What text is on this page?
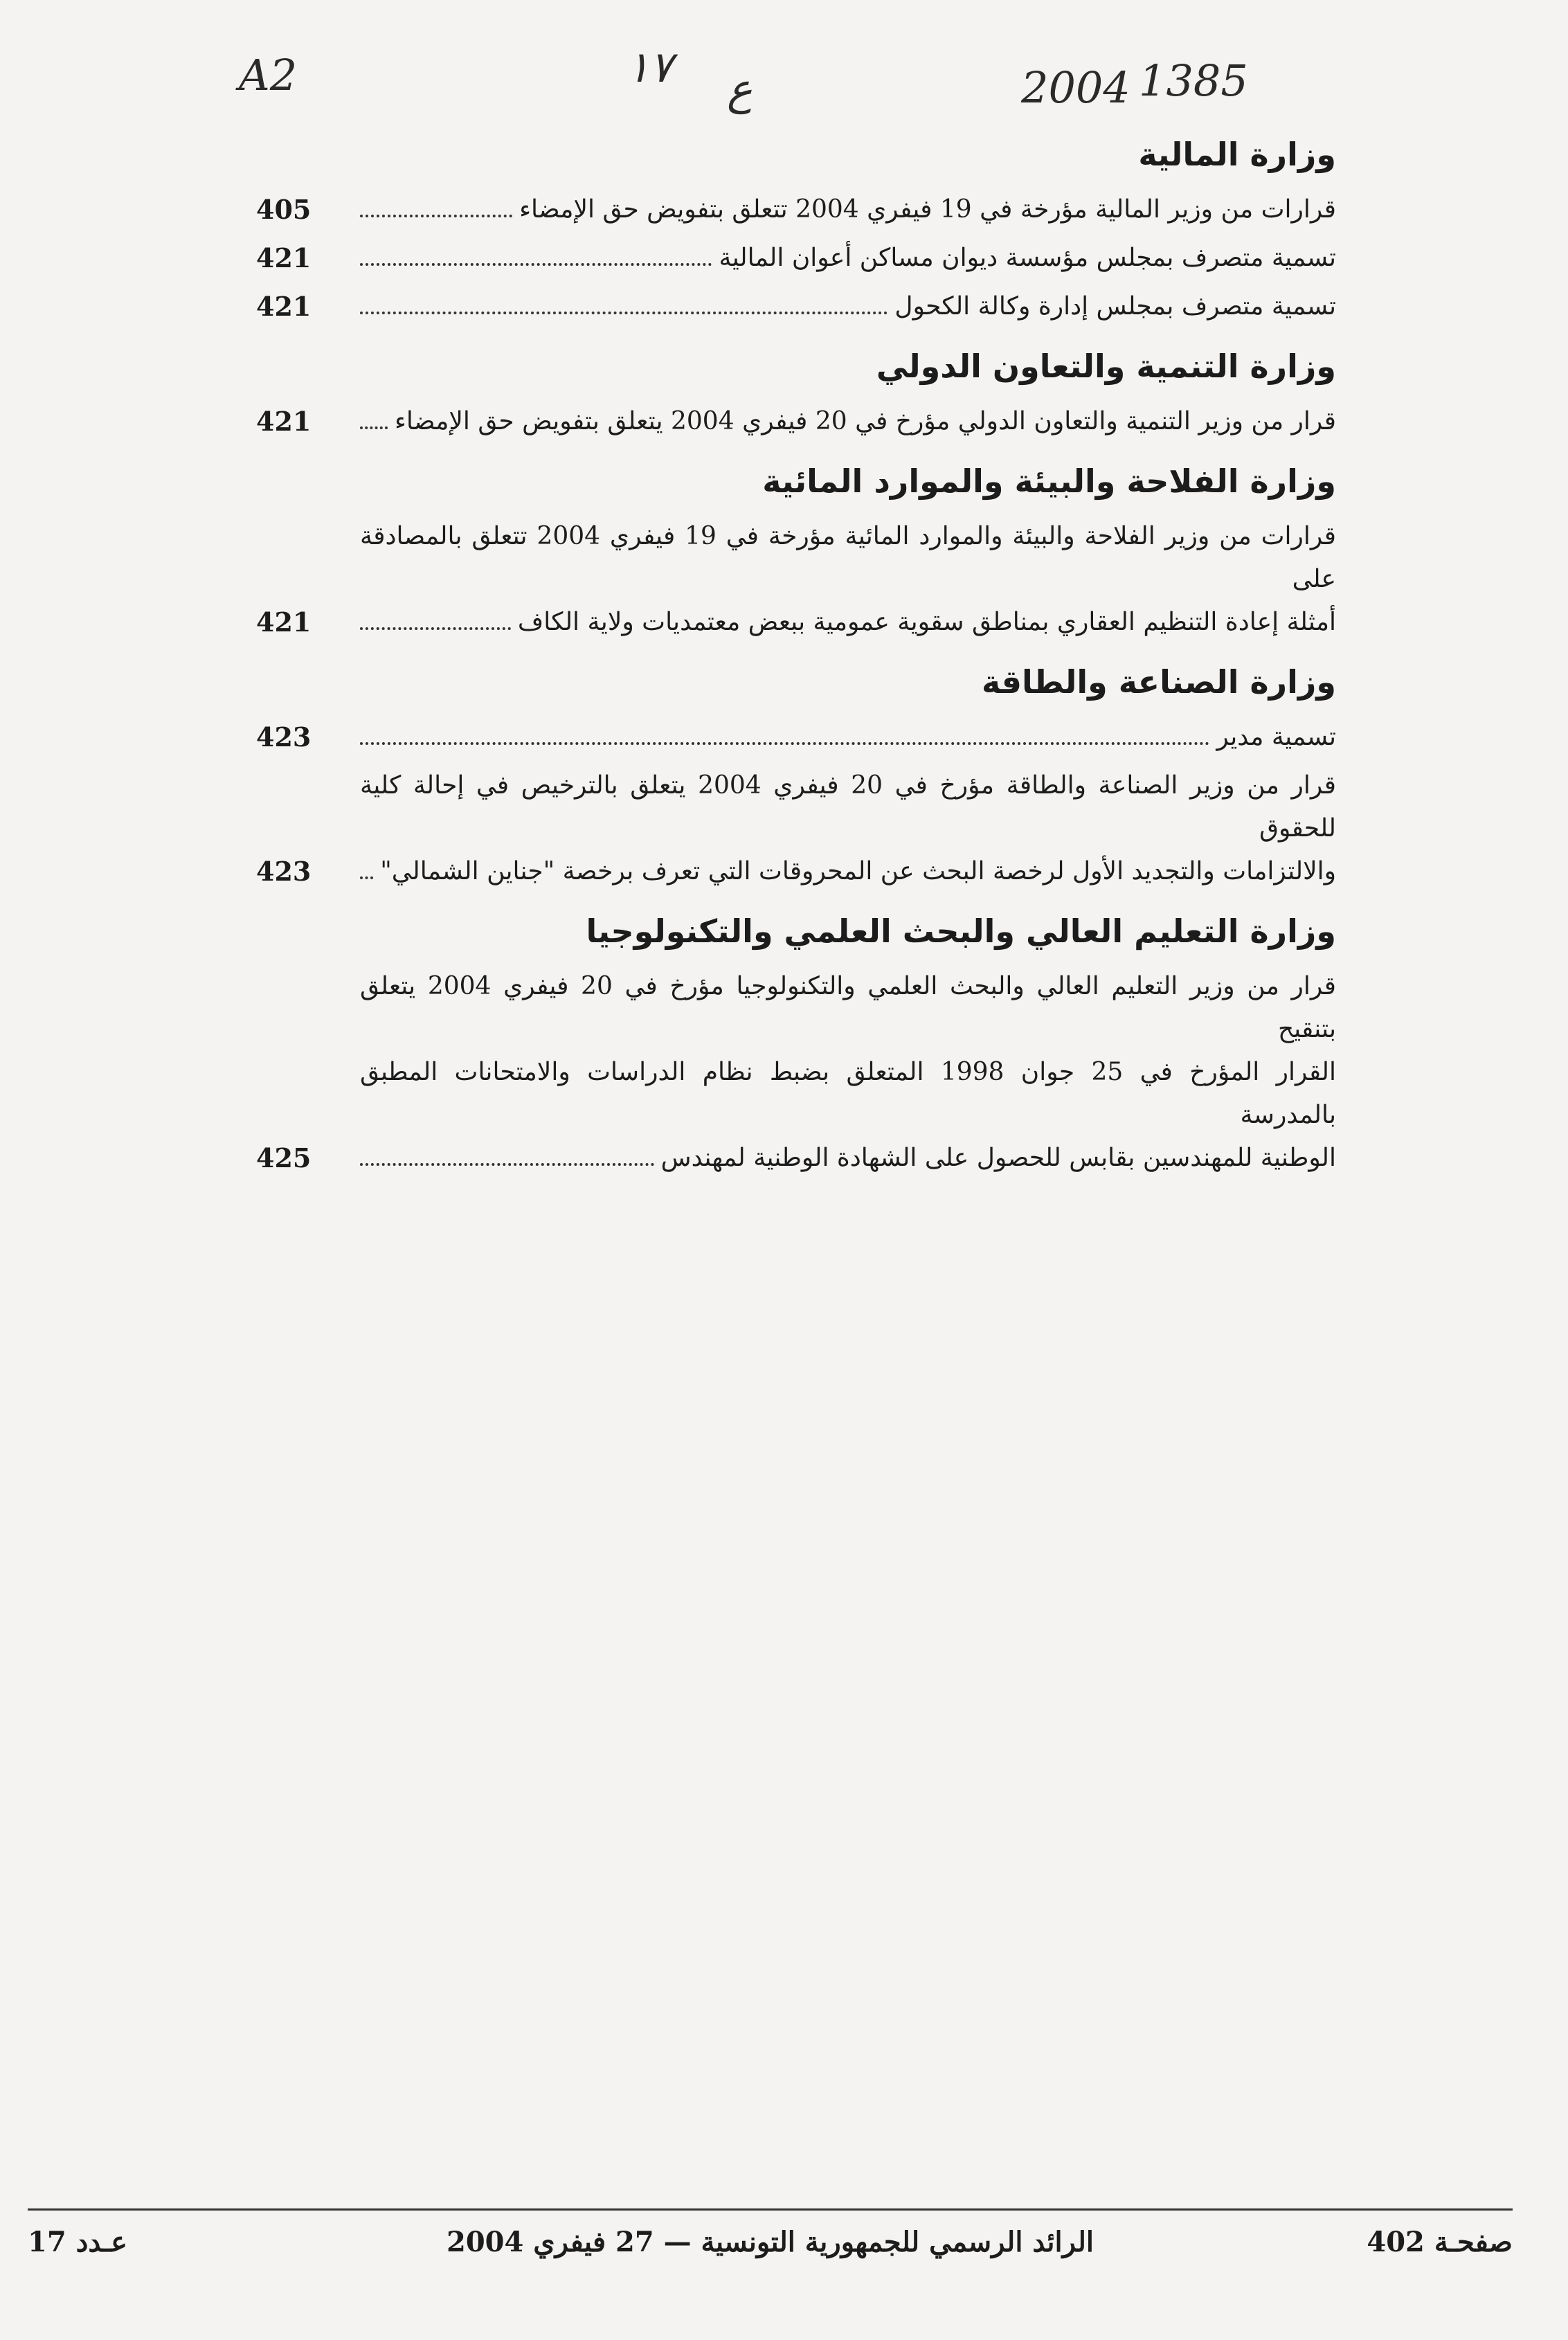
A2	١٧ ع	2004 1385
وزارة المالية
قرارات من وزير المالية مؤرخة في 19 فيفري 2004 تتعلق بتفويض حق الإمضاء
405
تسمية متصرف بمجلس مؤسسة ديوان مساكن أعوان المالية
421
تسمية متصرف بمجلس إدارة وكالة الكحول
421
وزارة التنمية والتعاون الدولي
قرار من وزير التنمية والتعاون الدولي مؤرخ في 20 فيفري 2004 يتعلق بتفويض حق الإمضاء
421
وزارة الفلاحة والبيئة والموارد المائية
قرارات من وزير الفلاحة والبيئة والموارد المائية مؤرخة في 19 فيفري 2004 تتعلق بالمصادقة على
أمثلة إعادة التنظيم العقاري بمناطق سقوية عمومية ببعض معتمديات ولاية الكاف
421
وزارة الصناعة والطاقة
تسمية مدير
423
قرار من وزير الصناعة والطاقة مؤرخ في 20 فيفري 2004 يتعلق بالترخيص في إحالة كلية للحقوق
والالتزامات والتجديد الأول لرخصة البحث عن المحروقات التي تعرف برخصة "جناين الشمالي"
423
وزارة التعليم العالي والبحث العلمي والتكنولوجيا
قرار من وزير التعليم العالي والبحث العلمي والتكنولوجيا مؤرخ في 20 فيفري 2004 يتعلق بتنقيح
القرار المؤرخ في 25 جوان 1998 المتعلق بضبط نظام الدراسات والامتحانات المطبق بالمدرسة
الوطنية للمهندسين بقابس للحصول على الشهادة الوطنية لمهندس
425
صفحـة 402
الرائد الرسمي للجمهورية التونسية — 27 فيفري 2004
عـدد 17
